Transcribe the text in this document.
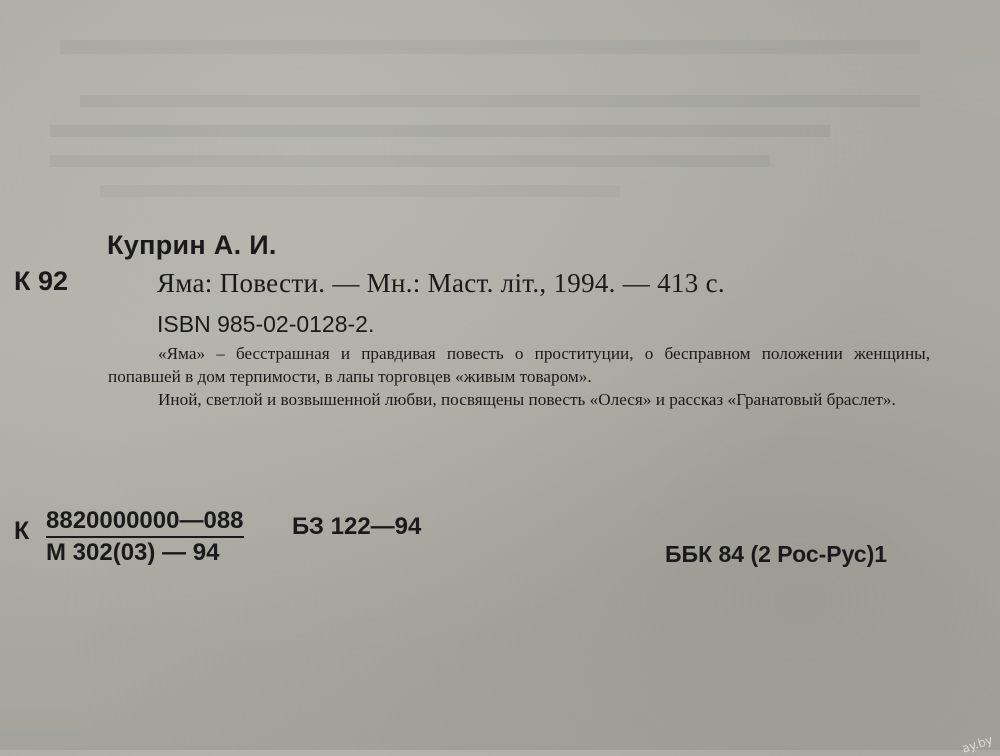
К 92
Куприн А. И.
Яма: Повести. — Мн.: Маст. літ., 1994. — 413 с.
ISBN 985-02-0128-2.

«Яма» – бесстрашная и правдивая повесть о проституции, о бесправном положении женщины, попавшей в дом терпимости, в лапы торговцев «живым товаром».

Иной, светлой и возвышенной любви, посвящены повесть «Олеся» и рассказ «Гранатовый браслет».

К 8820000000—088
М 302(03) — 94
БЗ 122—94
ББК 84 (2 Рос-Рус)1
ay.by
